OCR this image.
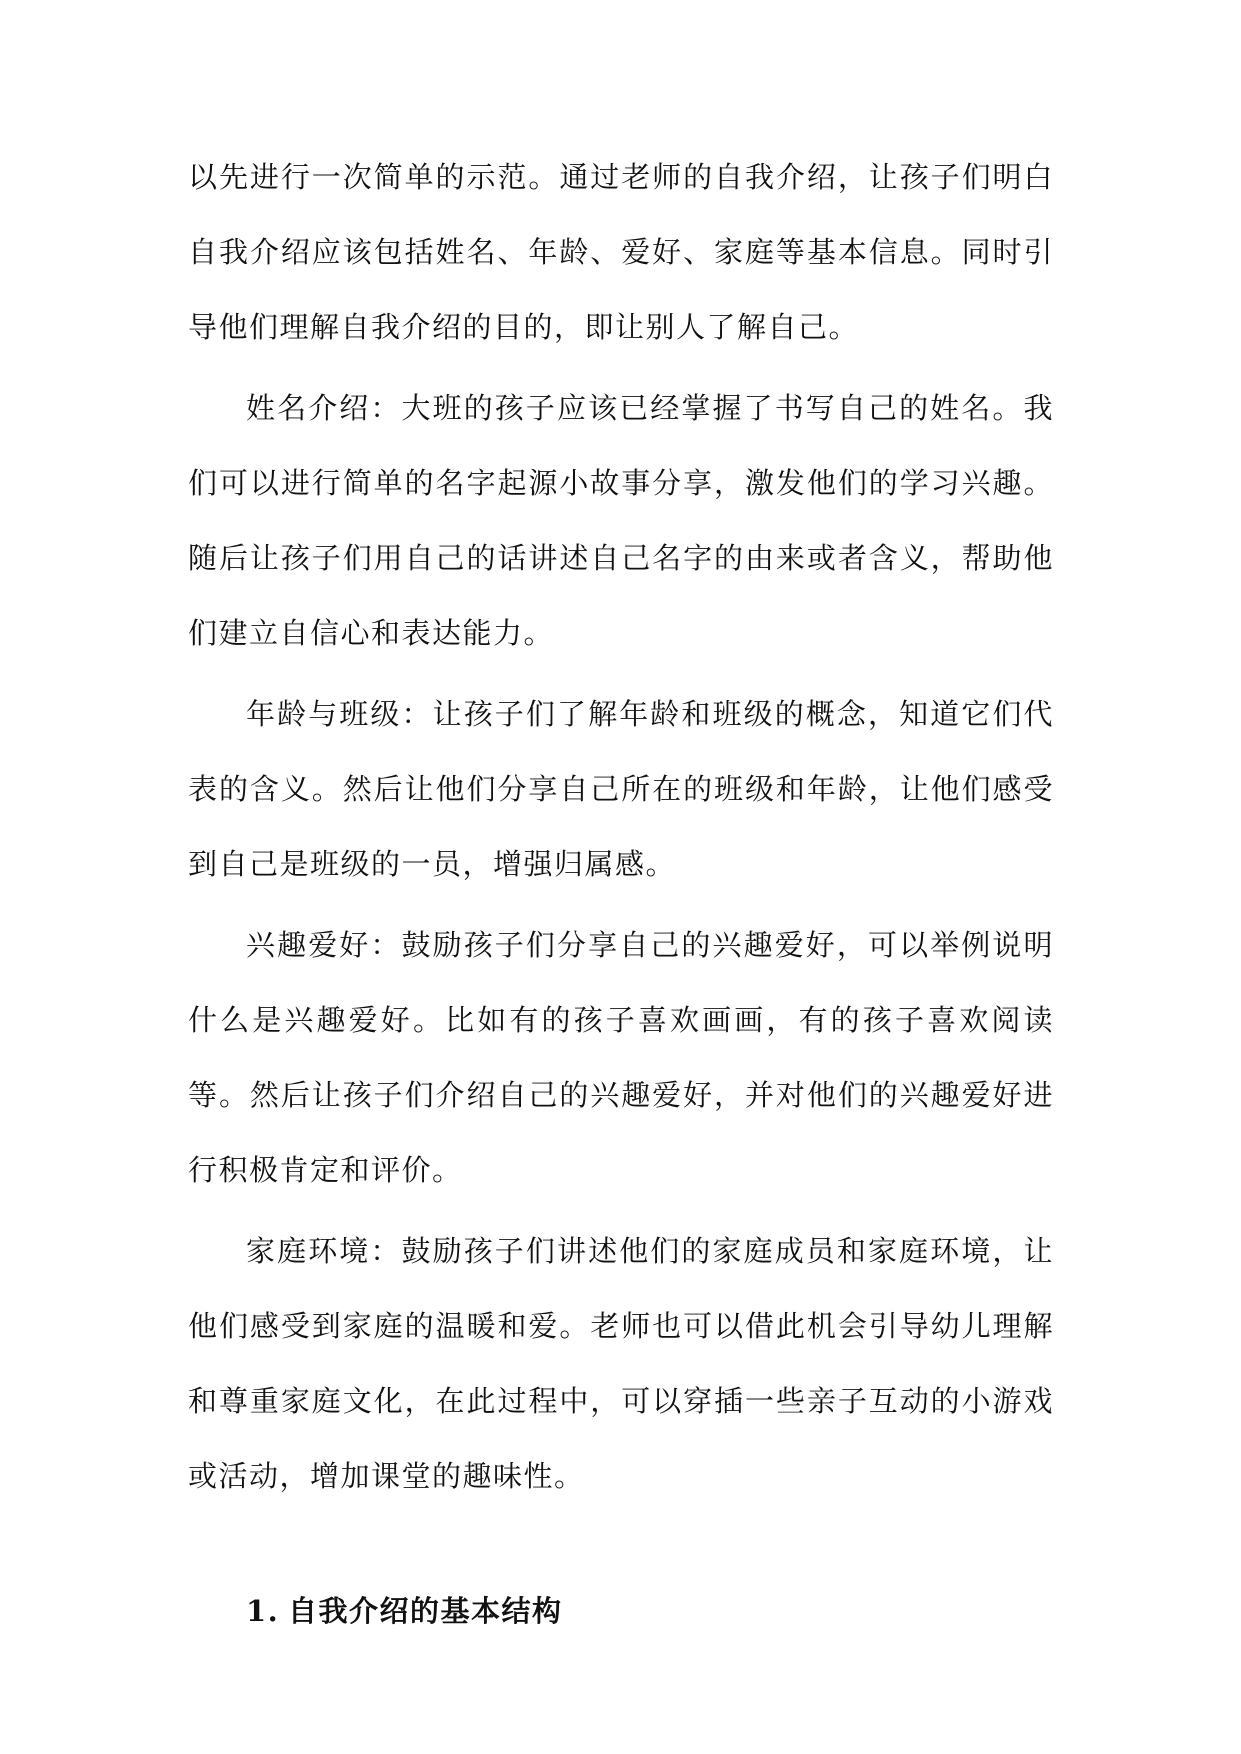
以先进行一次简单的示范。通过老师的自我介绍，让孩子们明白自我介绍应该包括姓名、年龄、爱好、家庭等基本信息。同时引导他们理解自我介绍的目的，即让别人了解自己。

姓名介绍：大班的孩子应该已经掌握了书写自己的姓名。我们可以进行简单的名字起源小故事分享，激发他们的学习兴趣。随后让孩子们用自己的话讲述自己名字的由来或者含义，帮助他们建立自信心和表达能力。

年龄与班级：让孩子们了解年龄和班级的概念，知道它们代表的含义。然后让他们分享自己所在的班级和年龄，让他们感受到自己是班级的一员，增强归属感。

兴趣爱好：鼓励孩子们分享自己的兴趣爱好，可以举例说明什么是兴趣爱好。比如有的孩子喜欢画画，有的孩子喜欢阅读等。然后让孩子们介绍自己的兴趣爱好，并对他们的兴趣爱好进行积极肯定和评价。

家庭环境：鼓励孩子们讲述他们的家庭成员和家庭环境，让他们感受到家庭的温暖和爱。老师也可以借此机会引导幼儿理解和尊重家庭文化，在此过程中，可以穿插一些亲子互动的小游戏或活动，增加课堂的趣味性。

1. 自我介绍的基本结构
